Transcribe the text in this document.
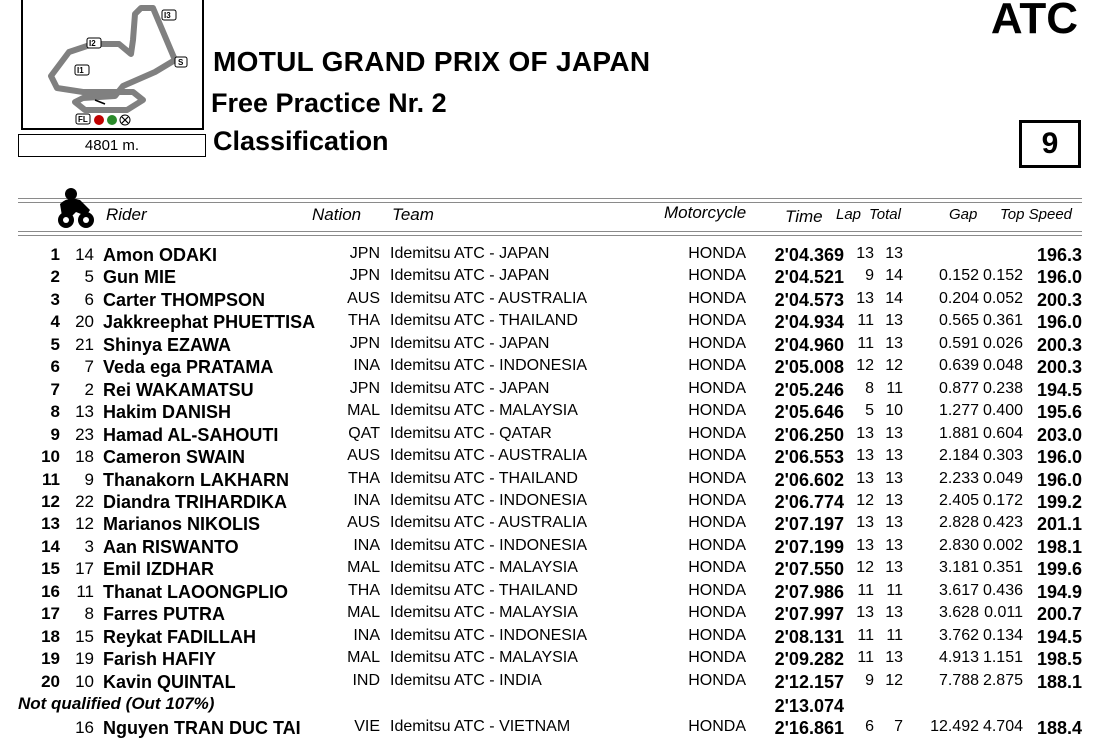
I3
I2
I1
S
FL
4801 m.
ATC
MOTUL GRAND PRIX OF JAPAN
Free Practice Nr. 2
Classification	9
Rider	Nation Team	Motorcycle Time Lap Total	Gap Top Speed
1 14 Amon ODAKI	JPN Idemitsu ATC - JAPAN	HONDA 2'04.369 13 13	196.3
2 5 Gun MIE	JPN Idemitsu ATC - JAPAN	HONDA 2'04.521 9 14 0.152 0.152 196.0
3 6 Carter THOMPSON	AUS Idemitsu ATC - AUSTRALIA	HONDA 2'04.573 13 14 0.204 0.052 200.3
4 20 Jakkreephat PHUETTISA THA Idemitsu ATC - THAILAND	HONDA 2'04.934 11 13 0.565 0.361 196.0
5 21 Shinya EZAWA	JPN Idemitsu ATC - JAPAN	HONDA 2'04.960 11 13 0.591 0.026 200.3
6 7 Veda ega PRATAMA	INA Idemitsu ATC - INDONESIA	HONDA 2'05.008 12 12 0.639 0.048 200.3
7 2 Rei WAKAMATSU	JPN Idemitsu ATC - JAPAN	HONDA 2'05.246 8 11 0.877 0.238 194.5
8 13 Hakim DANISH	MAL Idemitsu ATC - MALAYSIA	HONDA 2'05.646 5 10 1.277 0.400 195.6
9 23 Hamad AL-SAHOUTI	QAT Idemitsu ATC - QATAR	HONDA 2'06.250 13 13 1.881 0.604 203.0
10 18 Cameron SWAIN	AUS Idemitsu ATC - AUSTRALIA	HONDA 2'06.553 13 13 2.184 0.303 196.0
11 9 Thanakorn LAKHARN	THA Idemitsu ATC - THAILAND	HONDA 2'06.602 13 13 2.233 0.049 196.0
12 22 Diandra TRIHARDIKA	INA Idemitsu ATC - INDONESIA	HONDA 2'06.774 12 13 2.405 0.172 199.2
13 12 Marianos NIKOLIS	AUS Idemitsu ATC - AUSTRALIA	HONDA 2'07.197 13 13 2.828 0.423 201.1
14 3 Aan RISWANTO	INA Idemitsu ATC - INDONESIA	HONDA 2'07.199 13 13 2.830 0.002 198.1
15 17 Emil IZDHAR	MAL Idemitsu ATC - MALAYSIA	HONDA 2'07.550 12 13 3.181 0.351 199.6
16 11 Thanat LAOONGPLIO	THA Idemitsu ATC - THAILAND	HONDA 2'07.986 11 11 3.617 0.436 194.9
17 8 Farres PUTRA	MAL Idemitsu ATC - MALAYSIA	HONDA 2'07.997 13 13 3.628 0.011 200.7
18 15 Reykat FADILLAH	INA Idemitsu ATC - INDONESIA	HONDA 2'08.131 11 11 3.762 0.134 194.5
19 19 Farish HAFIY	MAL Idemitsu ATC - MALAYSIA	HONDA 2'09.282 11 13 4.913 1.151 198.5
20 10 Kavin QUINTAL	IND Idemitsu ATC - INDIA	HONDA 2'12.157 9 12 7.788 2.875 188.1
Not qualified (Out 107%)	2'13.074
16 Nguyen TRAN DUC TAI	VIE Idemitsu ATC - VIETNAM	HONDA 2'16.861 6 7 12.492 4.704 188.4
